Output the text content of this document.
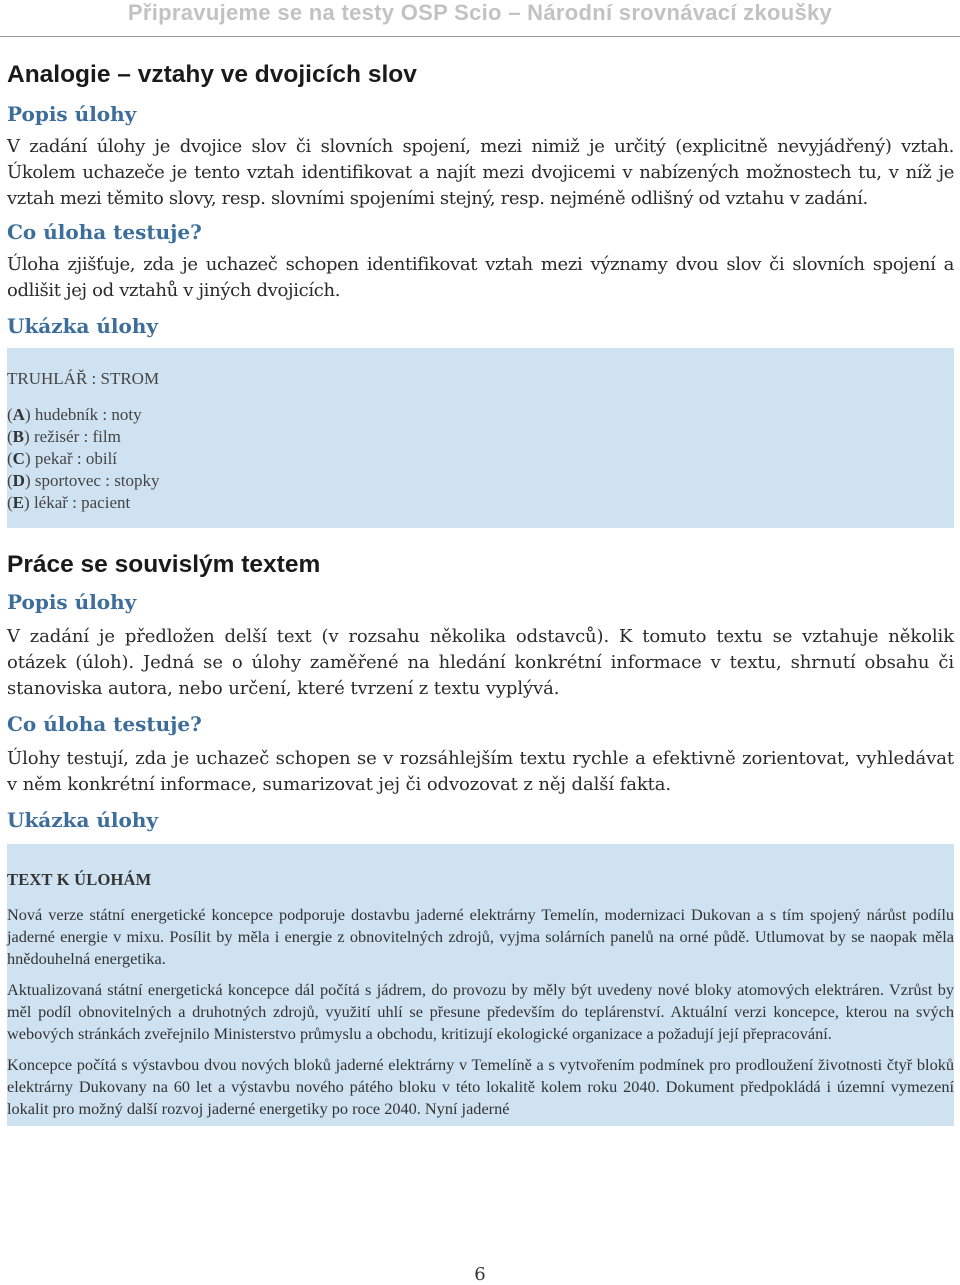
Připravujeme se na testy OSP Scio – Národní srovnávací zkoušky
Analogie – vztahy ve dvojicích slov
Popis úlohy

V zadání úlohy je dvojice slov či slovních spojení, mezi nimiž je určitý (explicitně nevyjádřený) vztah. Úkolem uchazeče je tento vztah identifikovat a najít mezi dvojicemi v nabízených možnostech tu, v níž je vztah mezi těmito slovy, resp. slovními spojeními stejný, resp. nejméně odlišný od vztahu v zadání.

Co úloha testuje?

Úloha zjišťuje, zda je uchazeč schopen identifikovat vztah mezi významy dvou slov či slovních spojení a odlišit jej od vztahů v jiných dvojicích.

Ukázka úlohy

TRUHLÁŘ : STROM

(A) hudebník : noty

(B) režisér : film

(C) pekař : obilí

(D) sportovec : stopky

(E) lékař : pacient

Práce se souvislým textem
Popis úlohy

V zadání je předložen delší text (v rozsahu několika odstavců). K tomuto textu se vztahuje několik otázek (úloh). Jedná se o úlohy zaměřené na hledání konkrétní informace v textu, shrnutí obsahu či stanoviska autora, nebo určení, které tvrzení z textu vyplývá.

Co úloha testuje?

Úlohy testují, zda je uchazeč schopen se v rozsáhlejším textu rychle a efektivně zorientovat, vyhledávat v něm konkrétní informace, sumarizovat jej či odvozovat z něj další fakta.

Ukázka úlohy

TEXT K ÚLOHÁM

Nová verze státní energetické koncepce podporuje dostavbu jaderné elektrárny Temelín, modernizaci Dukovan a s tím spojený nárůst podílu jaderné energie v mixu. Posílit by měla i energie z obnovitelných zdrojů, vyjma solárních panelů na orné půdě. Utlumovat by se naopak měla hnědouhelná energetika.

Aktualizovaná státní energetická koncepce dál počítá s jádrem, do provozu by měly být uvedeny nové bloky atomových elektráren. Vzrůst by měl podíl obnovitelných a druhotných zdrojů, využití uhlí se přesune především do teplárenství. Aktuální verzi koncepce, kterou na svých webových stránkách zveřejnilo Ministerstvo průmyslu a obchodu, kritizují ekologické organizace a požadují její přepracování.

Koncepce počítá s výstavbou dvou nových bloků jaderné elektrárny v Temelíně a s vytvořením podmínek pro prodloužení životnosti čtyř bloků elektrárny Dukovany na 60 let a výstavbu nového pátého bloku v této lokalitě kolem roku 2040. Dokument předpokládá i územní vymezení lokalit pro možný další rozvoj jaderné energetiky po roce 2040. Nyní jaderné

6
